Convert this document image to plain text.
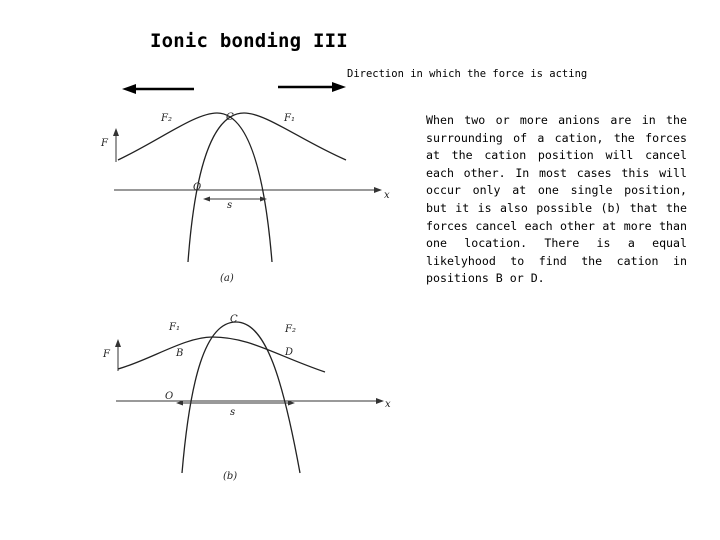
Ionic bonding III
F
x
O
F₂	F₁
C
s
(a)
F
x
O
F₁	F₂
C
B	D
s
(b)
Direction in which the force is acting
When two or more anions are in the surrounding of a cation, the forces at the cation position will cancel each other. In most cases this will occur only at one single position, but it is also possible (b) that the forces cancel each other at more than one location. There is a equal likelyhood to find the cation in positions B or D.
